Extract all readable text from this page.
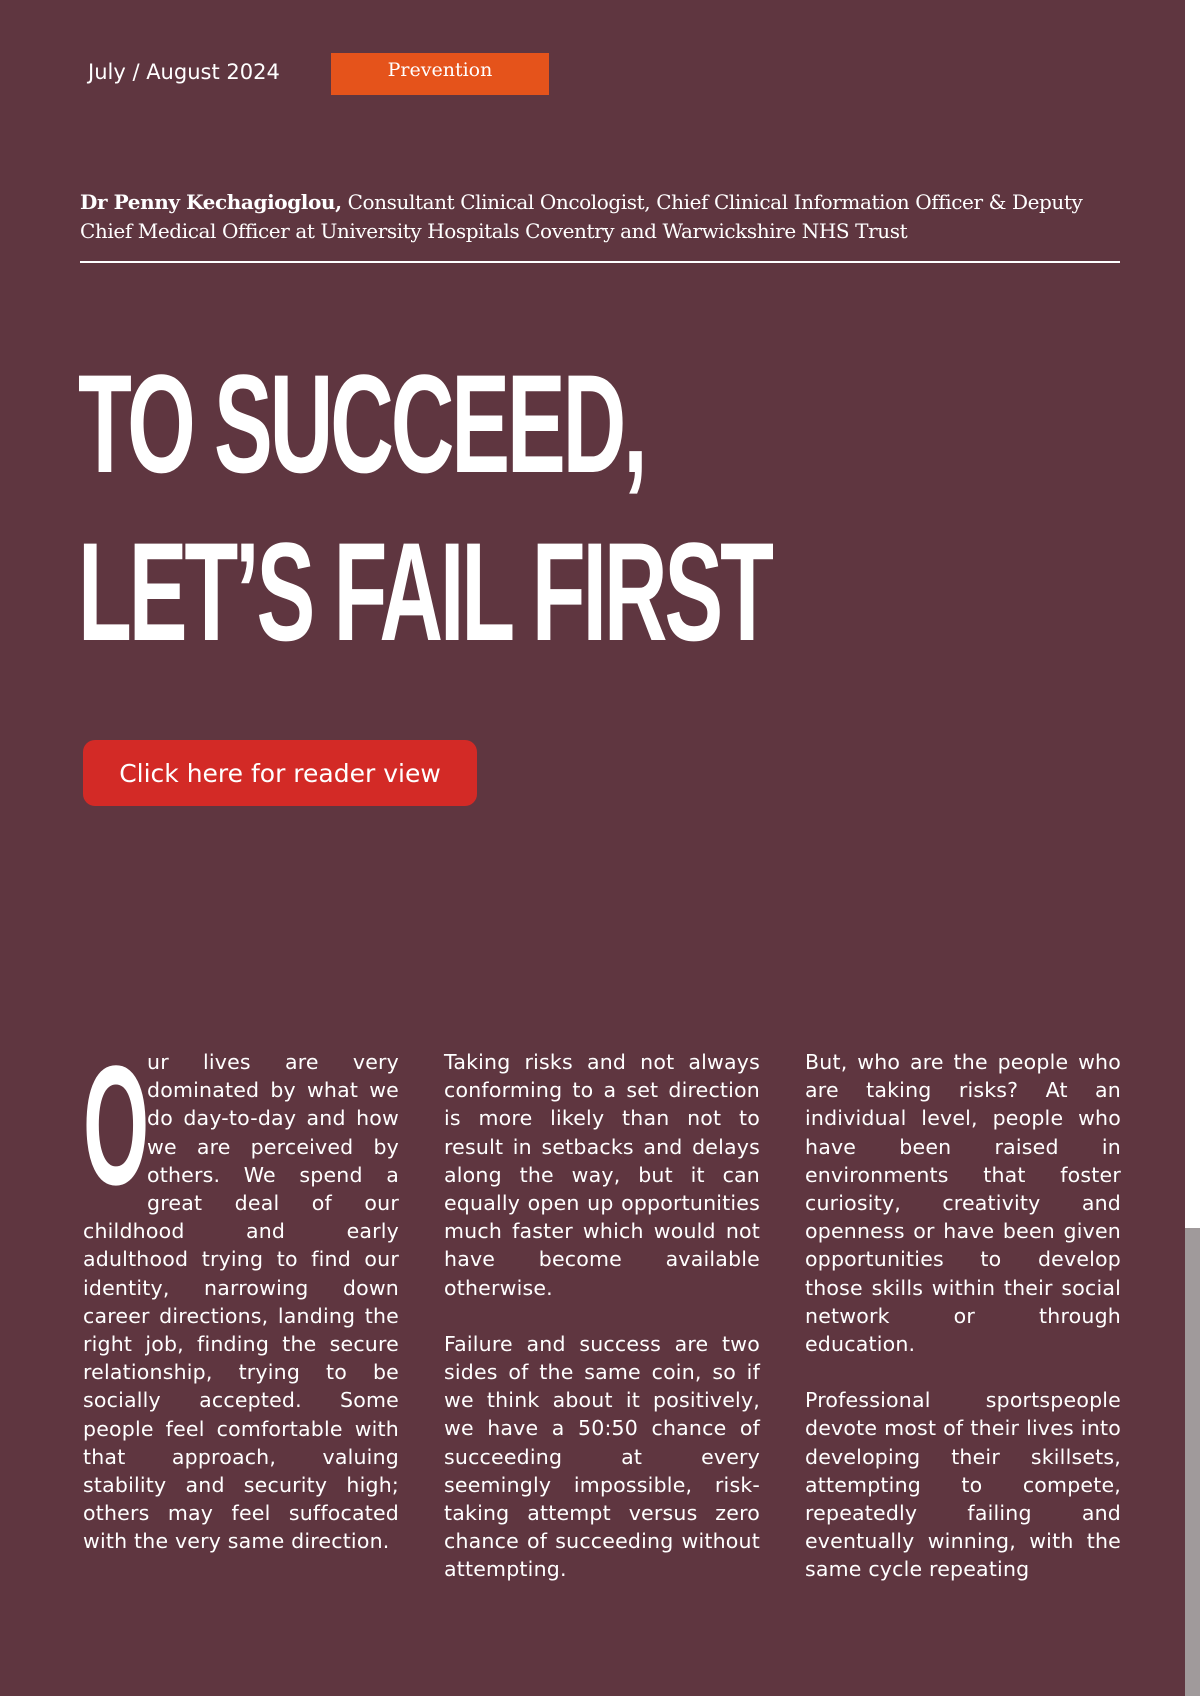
July / August 2024	Prevention
Dr Penny Kechagioglou, Consultant Clinical Oncologist, Chief Clinical Information Officer & Deputy Chief Medical Officer at University Hospitals Coventry and Warwickshire NHS Trust
TO SUCCEED,
LET’S FAIL FIRST
Click here for reader view

O
ur lives are very dominated by what we do day-to-day and how we are perceived by others. We spend a great deal of our childhood and early adulthood trying to find our identity, narrowing down career directions, landing the right job, finding the secure relationship, trying to be socially accepted. Some people feel comfortable with that approach, valuing stability and security high; others may feel suffocated with the very same direction.

Taking risks and not always conforming to a set direction is more likely than not to result in setbacks and delays along the way, but it can equally open up opportunities much faster which would not have become available otherwise.

Failure and success are two sides of the same coin, so if we think about it positively, we have a 50:50 chance of succeeding at every seemingly impossible, risk-taking attempt versus zero chance of succeeding without attempting.

But, who are the people who are taking risks? At an individual level, people who have been raised in environments that foster curiosity, creativity and openness or have been given opportunities to develop those skills within their social network or through education.

Professional sportspeople devote most of their lives into developing their skillsets, attempting to compete, repeatedly failing and eventually winning, with the same cycle repeating
